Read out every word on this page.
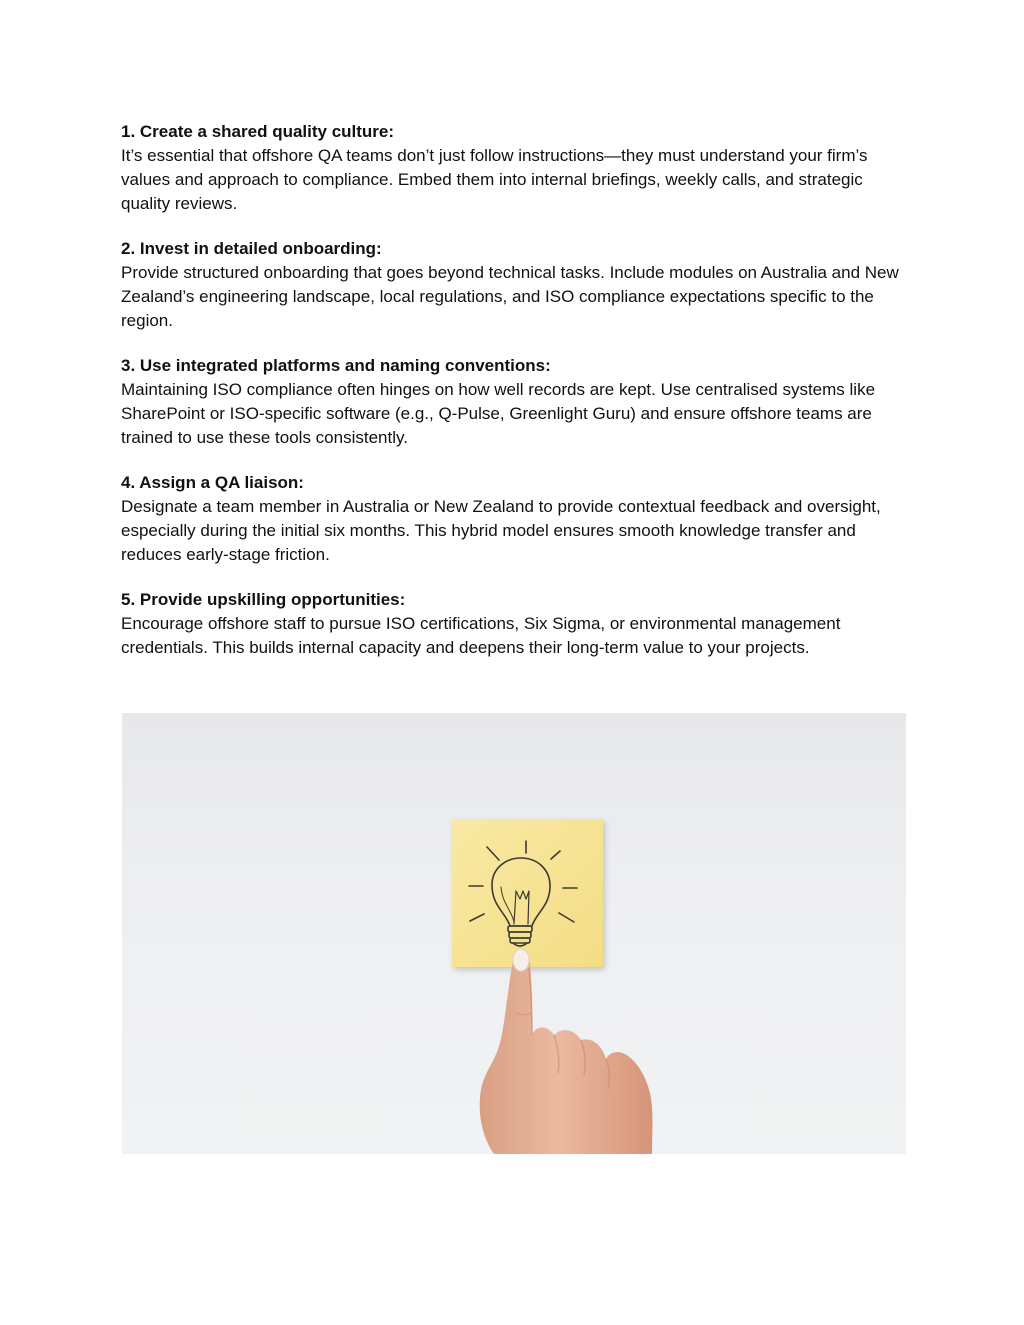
1. Create a shared quality culture:

It’s essential that offshore QA teams don’t just follow instructions—they must understand your firm’s values and approach to compliance. Embed them into internal briefings, weekly calls, and strategic quality reviews.

2. Invest in detailed onboarding:

Provide structured onboarding that goes beyond technical tasks. Include modules on Australia and New Zealand’s engineering landscape, local regulations, and ISO compliance expectations specific to the region.

3. Use integrated platforms and naming conventions:

Maintaining ISO compliance often hinges on how well records are kept. Use centralised systems like SharePoint or ISO-specific software (e.g., Q-Pulse, Greenlight Guru) and ensure offshore teams are trained to use these tools consistently.

4. Assign a QA liaison:

Designate a team member in Australia or New Zealand to provide contextual feedback and oversight, especially during the initial six months. This hybrid model ensures smooth knowledge transfer and reduces early-stage friction.

5. Provide upskilling opportunities:

Encourage offshore staff to pursue ISO certifications, Six Sigma, or environmental management credentials. This builds internal capacity and deepens their long-term value to your projects.
